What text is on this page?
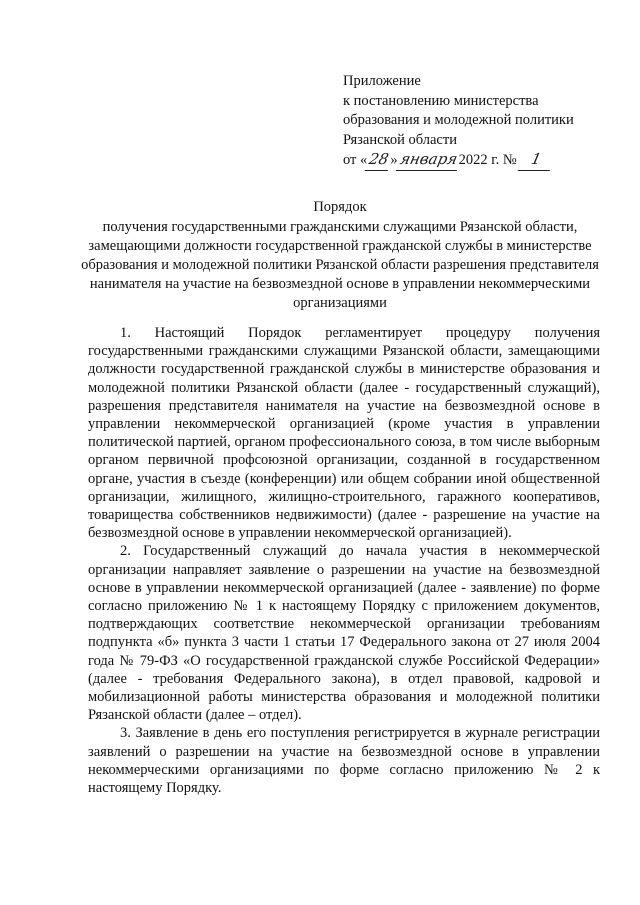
Приложение
к постановлению министерства
образования и молодежной политики
Рязанской области
от «28»января2022 г. № 1
Порядок
получения государственными гражданскими служащими Рязанской области, замещающими должности государственной гражданской службы в министерстве образования и молодежной политики Рязанской области разрешения представителя нанимателя на участие на безвозмездной основе в управлении некоммерческими организациями

1. Настоящий Порядок регламентирует процедуру получения государственными гражданскими служащими Рязанской области, замещающими должности государственной гражданской службы в министерстве образования и молодежной политики Рязанской области (далее - государственный служащий), разрешения представителя нанимателя на участие на безвозмездной основе в управлении некоммерческой организацией (кроме участия в управлении политической партией, органом профессионального союза, в том числе выборным органом первичной профсоюзной организации, созданной в государственном органе, участия в съезде (конференции) или общем собрании иной общественной организации, жилищного, жилищно-строительного, гаражного кооперативов, товарищества собственников недвижимости) (далее - разрешение на участие на безвозмездной основе в управлении некоммерческой организацией).

2. Государственный служащий до начала участия в некоммерческой организации направляет заявление о разрешении на участие на безвозмездной основе в управлении некоммерческой организацией (далее - заявление) по форме согласно приложению № 1 к настоящему Порядку с приложением документов, подтверждающих соответствие некоммерческой организации требованиям подпункта «б» пункта 3 части 1 статьи 17 Федерального закона от 27 июля 2004 года № 79-ФЗ «О государственной гражданской службе Российской Федерации» (далее - требования Федерального закона), в отдел правовой, кадровой и мобилизационной работы министерства образования и молодежной политики Рязанской области (далее – отдел).

3. Заявление в день его поступления регистрируется в журнале регистрации заявлений о разрешении на участие на безвозмездной основе в управлении некоммерческими организациями по форме согласно приложению № 2 к настоящему Порядку.
